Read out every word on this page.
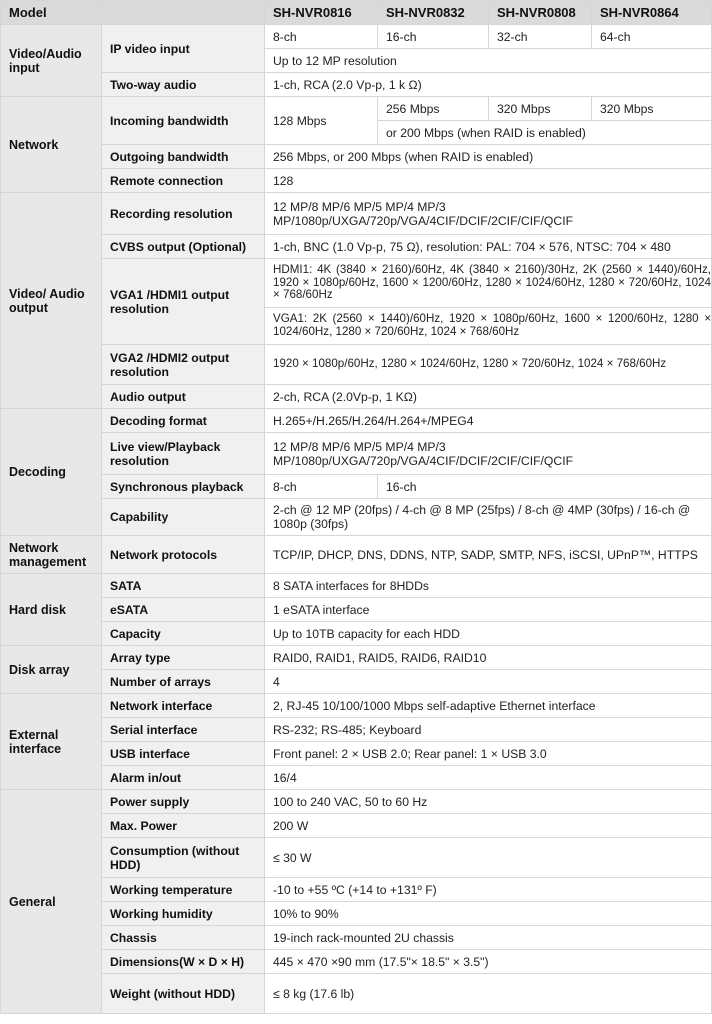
Model		SH-NVR0816	SH-NVR0832	SH-NVR0808	SH-NVR0864
Video/Audio input	IP video input	8-ch	16-ch	32-ch	64-ch
		Up to 12 MP resolution			
	Two-way audio	1-ch, RCA (2.0 Vp-p, 1 k Ω)			
Network	Incoming bandwidth	128 Mbps	256 Mbps	320 Mbps	320 Mbps
			or 200 Mbps (when RAID is enabled)		
	Outgoing bandwidth	256 Mbps, or 200 Mbps (when RAID is enabled)			
	Remote connection	128			
Video/ Audio output	Recording resolution	12 MP/8 MP/6 MP/5 MP/4 MP/3 MP/1080p/UXGA/720p/VGA/4CIF/DCIF/2CIF/CIF/QCIF			
	CVBS output (Optional)	1-ch, BNC (1.0 Vp-p, 75 Ω), resolution: PAL: 704 × 576, NTSC: 704 × 480			
	VGA1 /HDMI1 output resolution	HDMI1: 4K (3840 × 2160)/60Hz, 4K (3840 × 2160)/30Hz, 2K (2560 × 1440)/60Hz, 1920 × 1080p/60Hz, 1600 × 1200/60Hz, 1280 × 1024/60Hz, 1280 × 720/60Hz, 1024 × 768/60Hz			
		VGA1: 2K (2560 × 1440)/60Hz, 1920 × 1080p/60Hz, 1600 × 1200/60Hz, 1280 × 1024/60Hz, 1280 × 720/60Hz, 1024 × 768/60Hz			
	VGA2 /HDMI2 output resolution	1920 × 1080p/60Hz, 1280 × 1024/60Hz, 1280 × 720/60Hz, 1024 × 768/60Hz			
	Audio output	2-ch, RCA (2.0Vp-p, 1 KΩ)			
Decoding	Decoding format	H.265+/H.265/H.264/H.264+/MPEG4			
	Live view/Playback resolution	12 MP/8 MP/6 MP/5 MP/4 MP/3 MP/1080p/UXGA/720p/VGA/4CIF/DCIF/2CIF/CIF/QCIF			
	Synchronous playback	8-ch	16-ch		
	Capability	2-ch @ 12 MP (20fps) / 4-ch @ 8 MP (25fps) / 8-ch @ 4MP (30fps) / 16-ch @ 1080p (30fps)			
Network management	Network protocols	TCP/IP, DHCP, DNS, DDNS, NTP, SADP, SMTP, NFS, iSCSI, UPnP™, HTTPS			
Hard disk	SATA	8 SATA interfaces for 8HDDs			
	eSATA	1 eSATA interface			
	Capacity	Up to 10TB capacity for each HDD			
Disk array	Array type	RAID0, RAID1, RAID5, RAID6, RAID10			
	Number of arrays	4			
External interface	Network interface	2, RJ-45 10/100/1000 Mbps self-adaptive Ethernet interface			
	Serial interface	RS-232; RS-485; Keyboard			
	USB interface	Front panel: 2 × USB 2.0; Rear panel: 1 × USB 3.0			
	Alarm in/out	16/4			
General	Power supply	100 to 240 VAC, 50 to 60 Hz			
	Max. Power	200 W			
	Consumption (without HDD)	≤ 30 W			
	Working temperature	-10 to +55 ºC (+14 to +131º F)			
	Working humidity	10% to 90%			
	Chassis	19-inch rack-mounted 2U chassis			
	Dimensions(W × D × H)	445 × 470 ×90 mm (17.5"× 18.5" × 3.5")			
	Weight (without HDD)	≤ 8 kg (17.6 lb)			
